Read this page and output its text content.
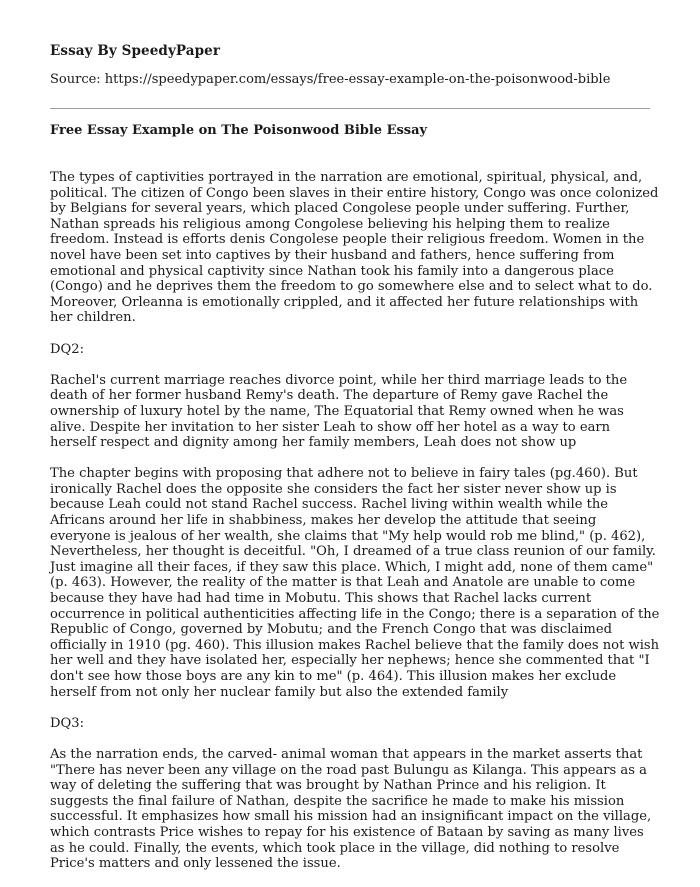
Essay By SpeedyPaper
Source: https://speedypaper.com/essays/free-essay-example-on-the-poisonwood-bible
Free Essay Example on The Poisonwood Bible Essay

The types of captivities portrayed in the narration are emotional, spiritual, physical, and, political. The citizen of Congo been slaves in their entire history, Congo was once colonized by Belgians for several years, which placed Congolese people under suffering. Further, Nathan spreads his religious among Congolese believing his helping them to realize freedom. Instead is efforts denis Congolese people their religious freedom. Women in the novel have been set into captives by their husband and fathers, hence suffering from emotional and physical captivity since Nathan took his family into a dangerous place (Congo) and he deprives them the freedom to go somewhere else and to select what to do. Moreover, Orleanna is emotionally crippled, and it affected her future relationships with her children.

DQ2:

Rachel's current marriage reaches divorce point, while her third marriage leads to the death of her former husband Remy's death. The departure of Remy gave Rachel the ownership of luxury hotel by the name, The Equatorial that Remy owned when he was alive. Despite her invitation to her sister Leah to show off her hotel as a way to earn herself respect and dignity among her family members, Leah does not show up

The chapter begins with proposing that adhere not to believe in fairy tales (pg.460). But ironically Rachel does the opposite she considers the fact her sister never show up is because Leah could not stand Rachel success. Rachel living within wealth while the Africans around her life in shabbiness, makes her develop the attitude that seeing everyone is jealous of her wealth, she claims that "My help would rob me blind," (p. 462), Nevertheless, her thought is deceitful. "Oh, I dreamed of a true class reunion of our family. Just imagine all their faces, if they saw this place. Which, I might add, none of them came" (p. 463). However, the reality of the matter is that Leah and Anatole are unable to come because they have had had time in Mobutu. This shows that Rachel lacks current occurrence in political authenticities affecting life in the Congo; there is a separation of the Republic of Congo, governed by Mobutu; and the French Congo that was disclaimed officially in 1910 (pg. 460). This illusion makes Rachel believe that the family does not wish her well and they have isolated her, especially her nephews; hence she commented that "I don't see how those boys are any kin to me" (p. 464). This illusion makes her exclude herself from not only her nuclear family but also the extended family

DQ3:

As the narration ends, the carved- animal woman that appears in the market asserts that "There has never been any village on the road past Bulungu as Kilanga. This appears as a way of deleting the suffering that was brought by Nathan Prince and his religion. It suggests the final failure of Nathan, despite the sacrifice he made to make his mission successful. It emphasizes how small his mission had an insignificant impact on the village, which contrasts Price wishes to repay for his existence of Bataan by saving as many lives as he could. Finally, the events, which took place in the village, did nothing to resolve Price's matters and only lessened the issue.
